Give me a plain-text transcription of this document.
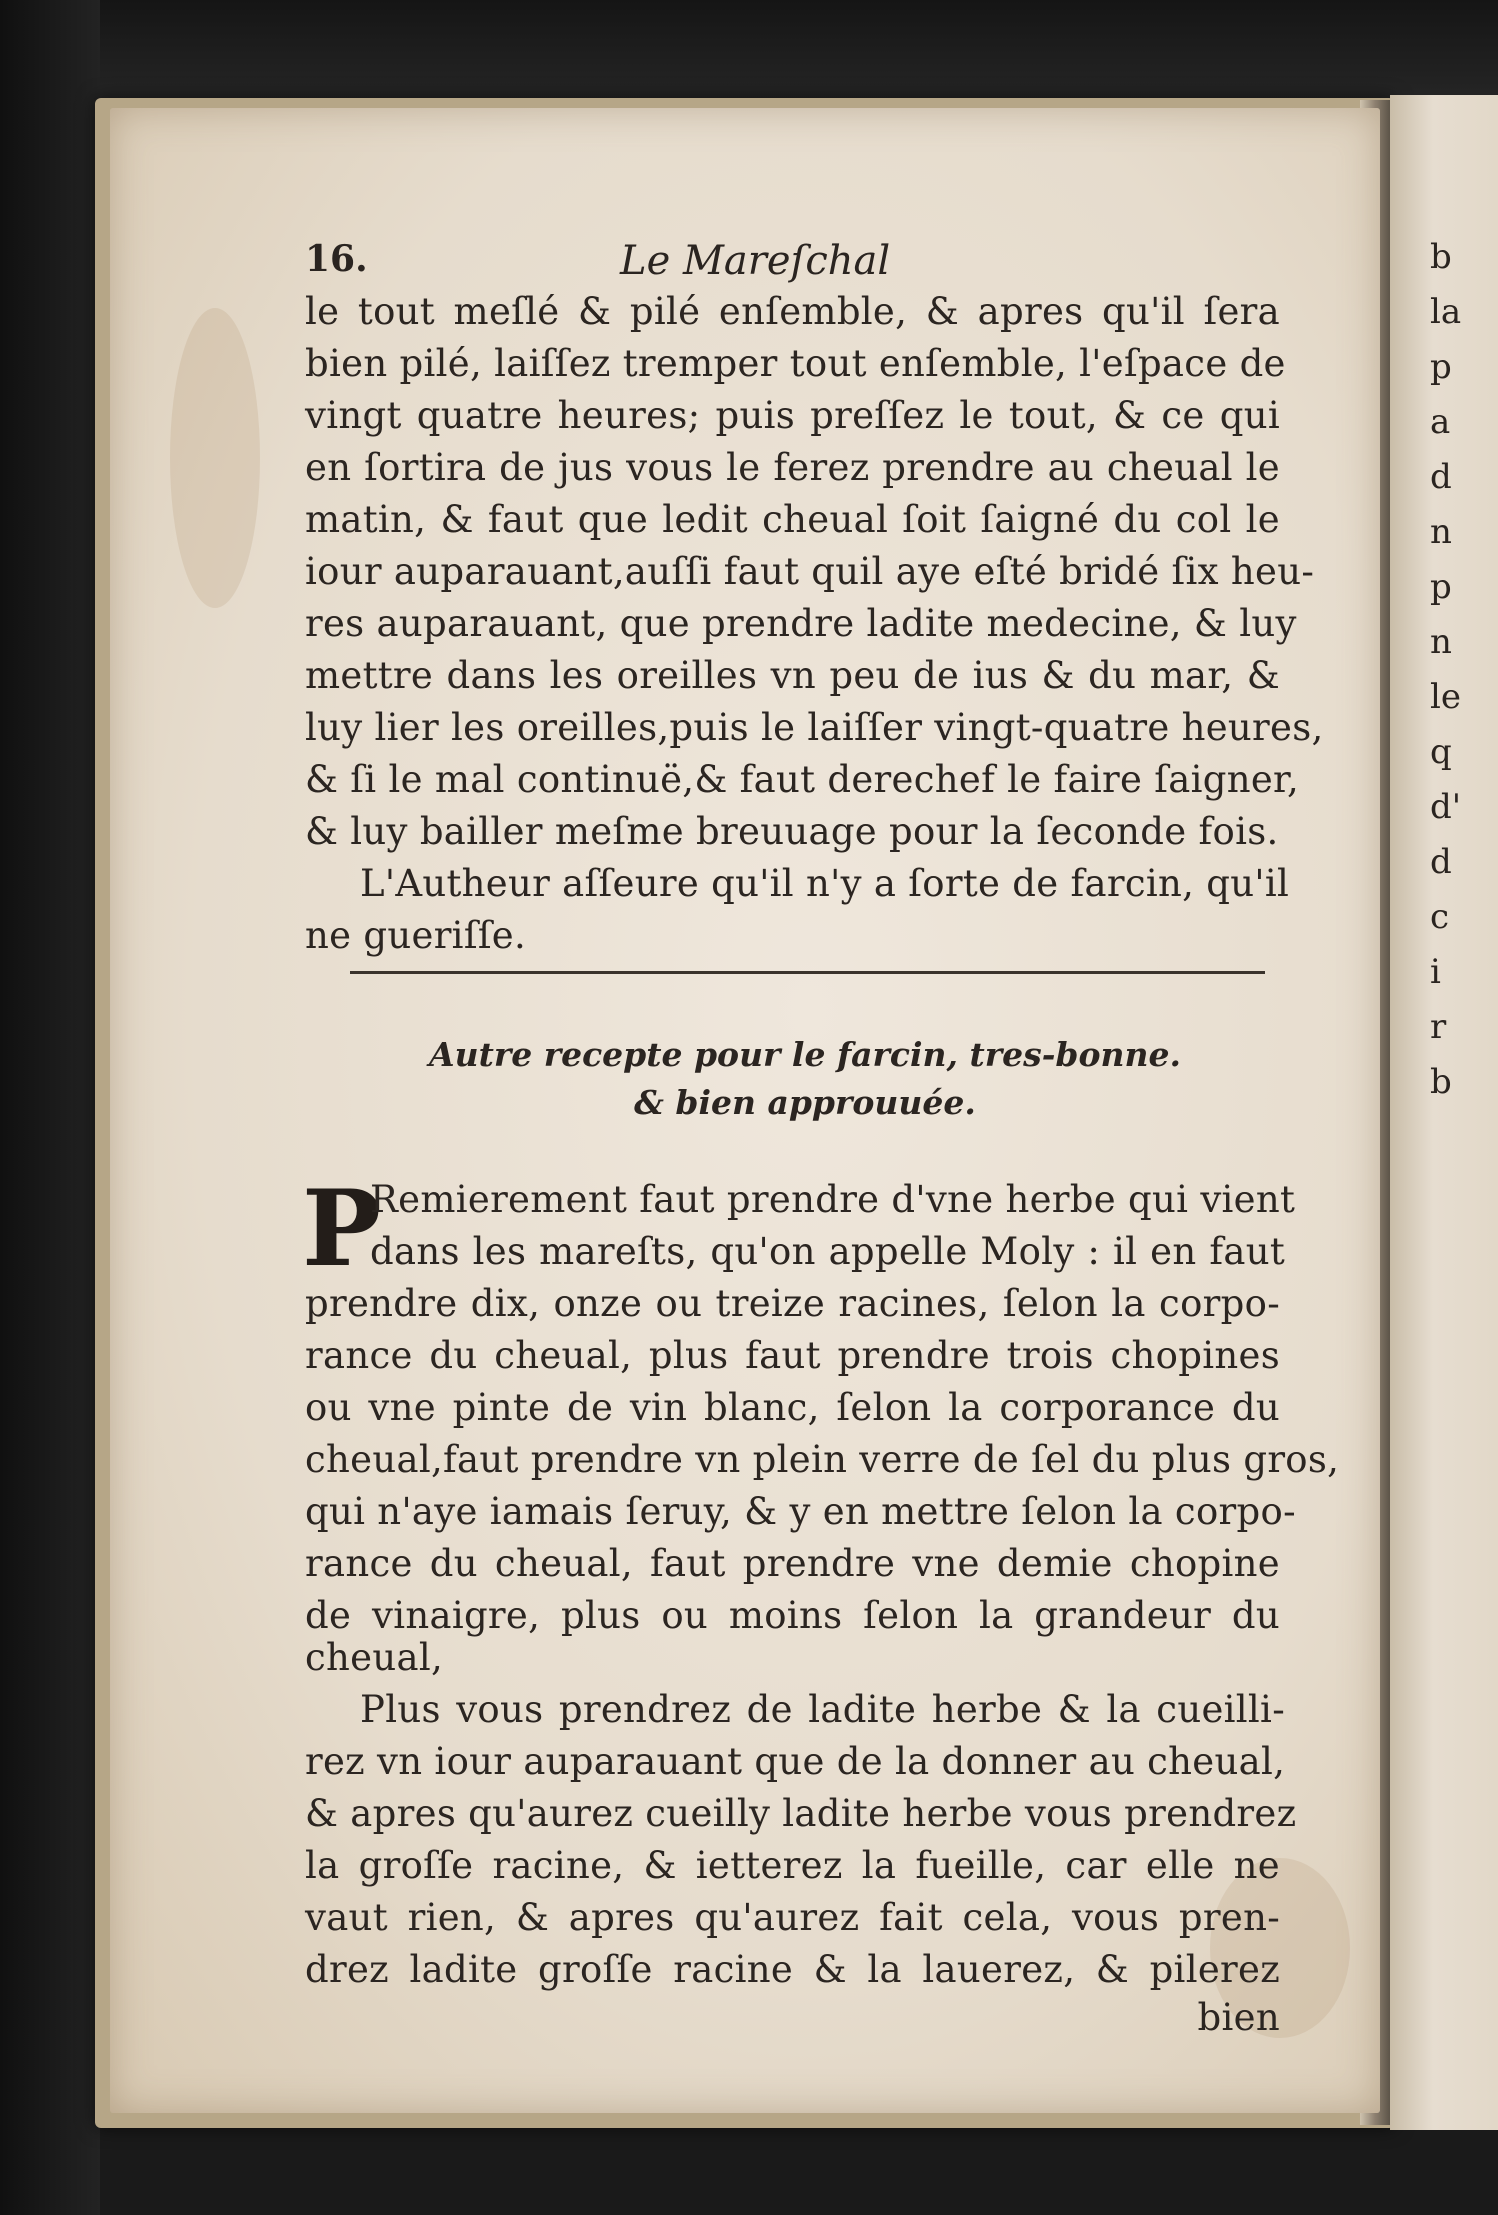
b
la
p
a
d
n
p
n
le
q
d'
d
c
i
r
b
16.	Le Mareſchal
le tout meſlé & pilé enſemble, & apres qu'il ſera
bien pilé, laiſſez tremper tout enſemble, l'eſpace de
vingt quatre heures; puis preſſez le tout, & ce qui
en ſortira de jus vous le ferez prendre au cheual le
matin, & faut que ledit cheual ſoit ſaigné du col le
iour auparauant,auſſi faut quil aye eſté bridé ſix heu-
res auparauant, que prendre ladite medecine, & luy
mettre dans les oreilles vn peu de ius & du mar, &
luy lier les oreilles,puis le laiſſer vingt-quatre heures,
& ſi le mal continuë,& faut derechef le faire ſaigner,
& luy bailler meſme breuuage pour la ſeconde fois.
L'Autheur aſſeure qu'il n'y a ſorte de farcin, qu'il
ne gueriſſe.
Autre recepte pour le farcin, tres-bonne.
& bien approuuée.
P
Remierement faut prendre d'vne herbe qui vient
dans les mareſts, qu'on appelle Moly : il en faut
prendre dix, onze ou treize racines, ſelon la corpo-
rance du cheual, plus faut prendre trois chopines
ou vne pinte de vin blanc, ſelon la corporance du
cheual,faut prendre vn plein verre de ſel du plus gros,
qui n'aye iamais ſeruy, & y en mettre ſelon la corpo-
rance du cheual, faut prendre vne demie chopine
de vinaigre, plus ou moins ſelon la grandeur du
cheual,
Plus vous prendrez de ladite herbe & la cueilli-
rez vn iour auparauant que de la donner au cheual,
& apres qu'aurez cueilly ladite herbe vous prendrez
la groſſe racine, & ietterez la fueille, car elle ne
vaut rien, & apres qu'aurez fait cela, vous pren-
drez ladite groſſe racine & la lauerez, & pilerez
bien
